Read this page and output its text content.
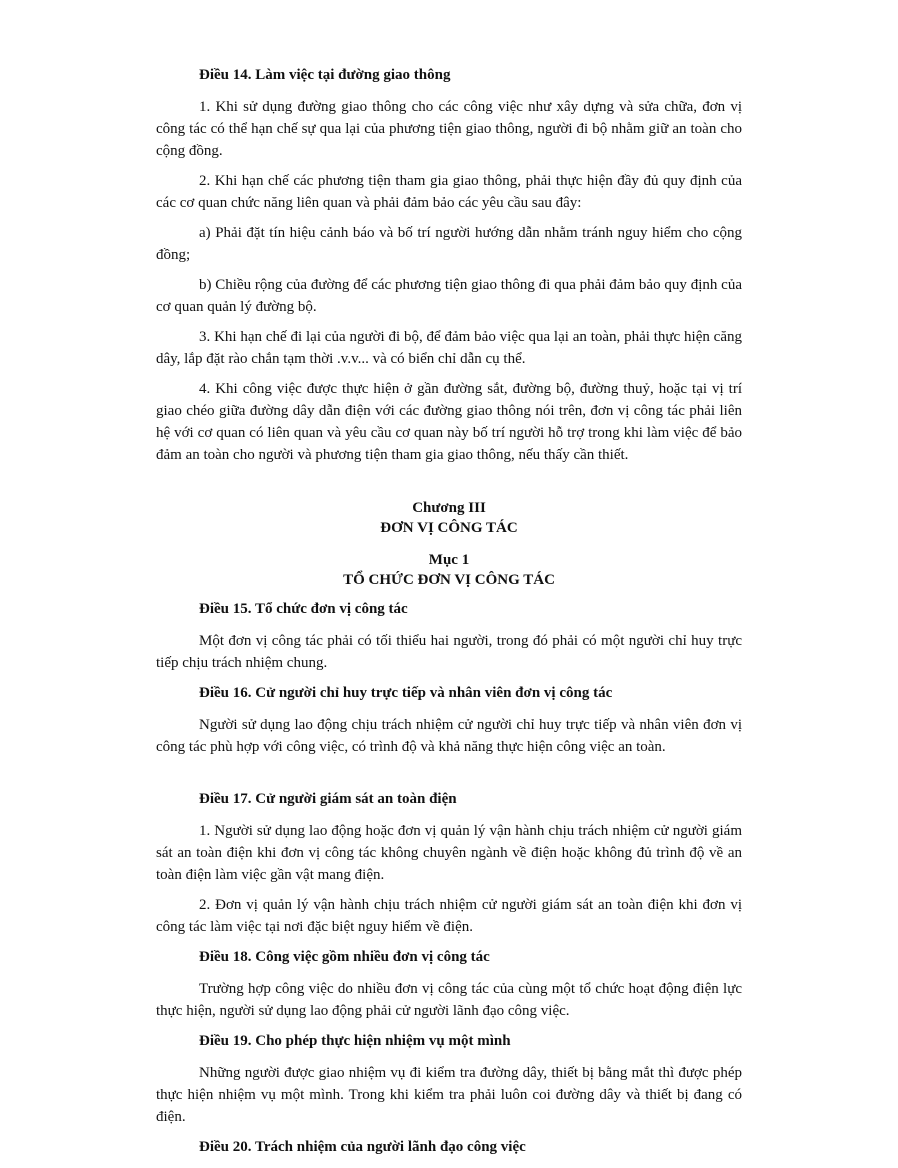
Điều 14. Làm việc tại đường giao thông

1. Khi sử dụng đường giao thông cho các công việc như xây dựng và sửa chữa, đơn vị công tác có thể hạn chế sự qua lại của phương tiện giao thông, người đi bộ nhằm giữ an toàn cho cộng đồng.

2. Khi hạn chế các phương tiện tham gia giao thông, phải thực hiện đầy đủ quy định của các cơ quan chức năng liên quan và phải đảm bảo các yêu cầu sau đây:

a) Phải đặt tín hiệu cảnh báo và bố trí người hướng dẫn nhằm tránh nguy hiểm cho cộng đồng;

b) Chiều rộng của đường để các phương tiện giao thông đi qua phải đảm bảo quy định của cơ quan quản lý đường bộ.

3. Khi hạn chế đi lại của người đi bộ, để đảm bảo việc qua lại an toàn, phải thực hiện căng dây, lắp đặt rào chắn tạm thời .v.v... và có biển chỉ dẫn cụ thể.

4. Khi công việc được thực hiện ở gần đường sắt, đường bộ, đường thuỷ, hoặc tại vị trí giao chéo giữa đường dây dẫn điện với các đường giao thông nói trên, đơn vị công tác phải liên hệ với cơ quan có liên quan và yêu cầu cơ quan này bố trí người hỗ trợ trong khi làm việc để bảo đảm an toàn cho người và phương tiện tham gia giao thông, nếu thấy cần thiết.

Chương III

ĐƠN VỊ CÔNG TÁC

Mục 1

TỔ CHỨC ĐƠN VỊ CÔNG TÁC

Điều 15. Tổ chức đơn vị công tác

Một đơn vị công tác phải có tối thiểu hai người, trong đó phải có một người chỉ huy trực tiếp chịu trách nhiệm chung.

Điều 16. Cử người chỉ huy trực tiếp và nhân viên đơn vị công tác

Người sử dụng lao động chịu trách nhiệm cử người chỉ huy trực tiếp và nhân viên đơn vị công tác phù hợp với công việc, có trình độ và khả năng thực hiện công việc an toàn.

Điều 17. Cử người giám sát an toàn điện

1. Người sử dụng lao động hoặc đơn vị quản lý vận hành chịu trách nhiệm cử người giám sát an toàn điện khi đơn vị công tác không chuyên ngành về điện hoặc không đủ trình độ về an toàn điện làm việc gần vật mang điện.

2. Đơn vị quản lý vận hành chịu trách nhiệm cử người giám sát an toàn điện khi đơn vị công tác làm việc tại nơi đặc biệt nguy hiểm về điện.

Điều 18. Công việc gồm nhiều đơn vị công tác

Trường hợp công việc do nhiều đơn vị công tác của cùng một tổ chức hoạt động điện lực thực hiện, người sử dụng lao động phải cử người lãnh đạo công việc.

Điều 19. Cho phép thực hiện nhiệm vụ một mình

Những người được giao nhiệm vụ đi kiểm tra đường dây, thiết bị bằng mắt thì được phép thực hiện nhiệm vụ một mình. Trong khi kiểm tra phải luôn coi đường dây và thiết bị đang có điện.

Điều 20. Trách nhiệm của người lãnh đạo công việc
